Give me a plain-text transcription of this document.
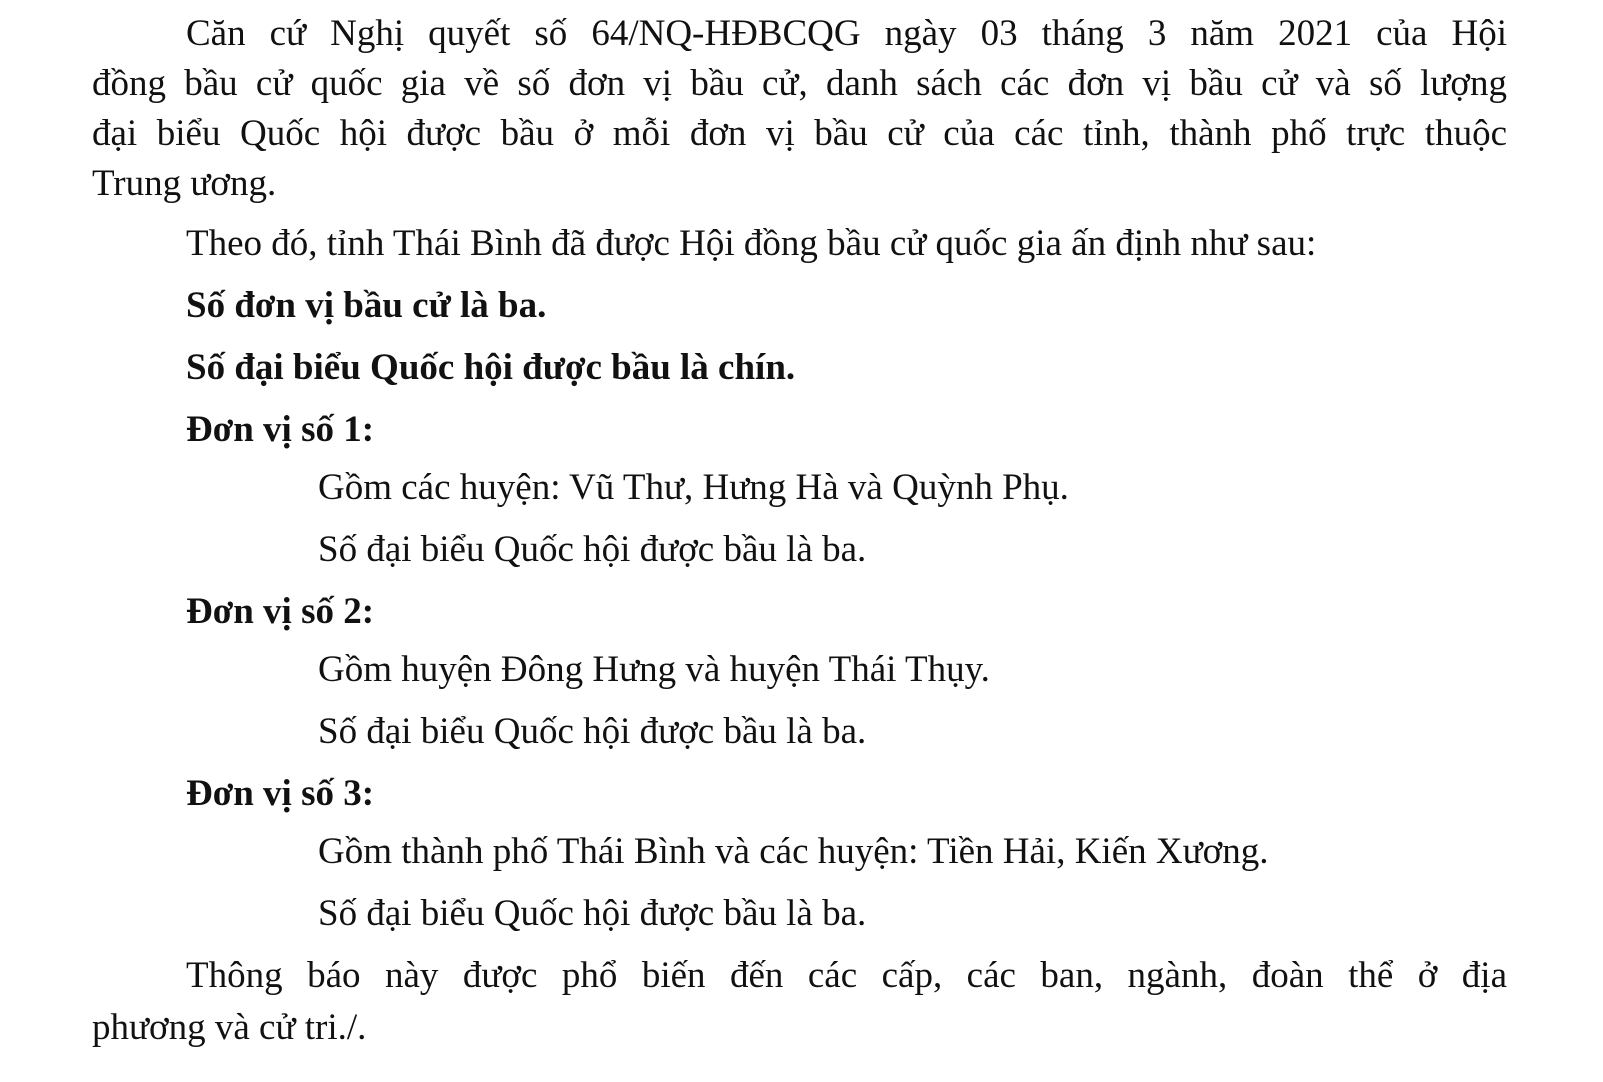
Căn cứ Nghị quyết số 64/NQ-HĐBCQG ngày 03 tháng 3 năm 2021 của Hội
đồng bầu cử quốc gia về số đơn vị bầu cử, danh sách các đơn vị bầu cử và số lượng
đại biểu Quốc hội được bầu ở mỗi đơn vị bầu cử của các tỉnh, thành phố trực thuộc
Trung ương.
Theo đó, tỉnh Thái Bình đã được Hội đồng bầu cử quốc gia ấn định như sau:
Số đơn vị bầu cử là ba.
Số đại biểu Quốc hội được bầu là chín.
Đơn vị số 1:
Gồm các huyện: Vũ Thư, Hưng Hà và Quỳnh Phụ.
Số đại biểu Quốc hội được bầu là ba.
Đơn vị số 2:
Gồm huyện Đông Hưng và huyện Thái Thụy.
Số đại biểu Quốc hội được bầu là ba.
Đơn vị số 3:
Gồm thành phố Thái Bình và các huyện: Tiền Hải, Kiến Xương.
Số đại biểu Quốc hội được bầu là ba.
Thông báo này được phổ biến đến các cấp, các ban, ngành, đoàn thể ở địa
phương và cử tri./.
